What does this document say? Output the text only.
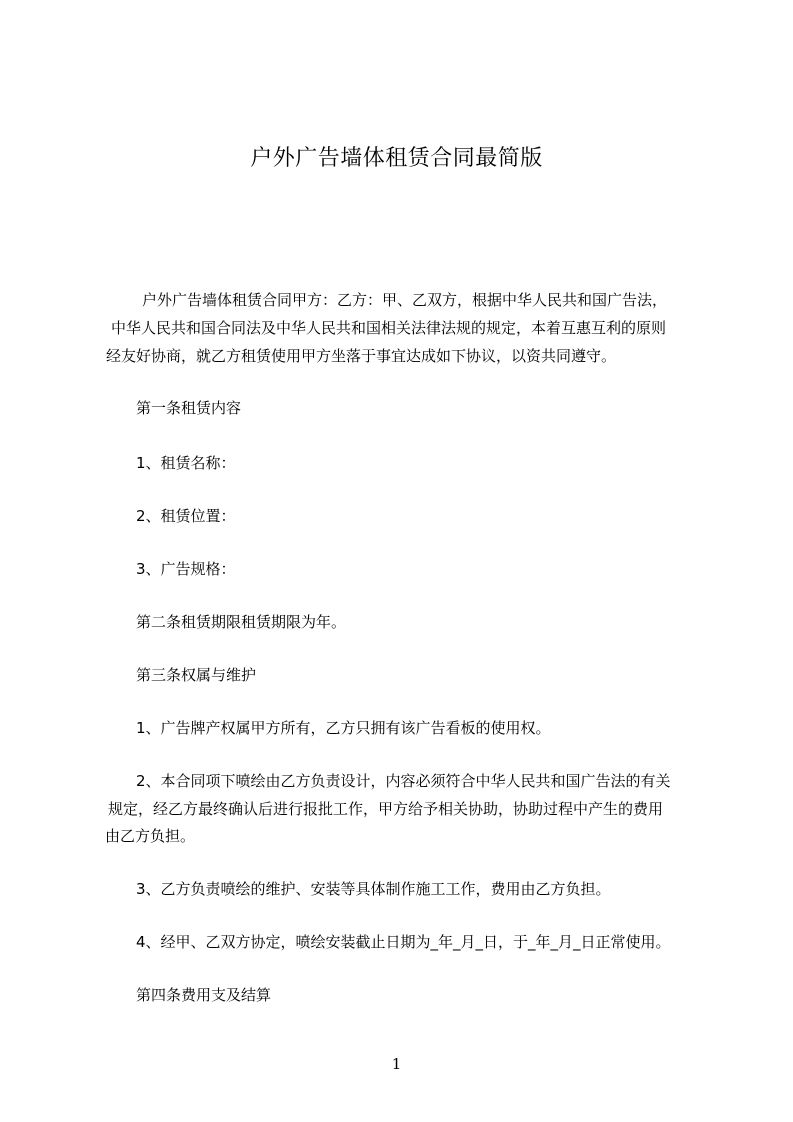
户外广告墙体租赁合同最简版

户外广告墙体租赁合同甲方：乙方：甲、乙双方，根据中华人民共和国广告法，

中华人民共和国合同法及中华人民共和国相关法律法规的规定，本着互惠互利的原则

经友好协商，就乙方租赁使用甲方坐落于事宜达成如下协议，以资共同遵守。

第一条租赁内容

1、租赁名称：

2、租赁位置：

3、广告规格：

第二条租赁期限租赁期限为年。

第三条权属与维护

1、广告牌产权属甲方所有，乙方只拥有该广告看板的使用权。

2、本合同项下喷绘由乙方负责设计，内容必须符合中华人民共和国广告法的有关

规定，经乙方最终确认后进行报批工作，甲方给予相关协助，协助过程中产生的费用

由乙方负担。

3、乙方负责喷绘的维护、安装等具体制作施工工作，费用由乙方负担。

4、经甲、乙双方协定，喷绘安装截止日期为_年_月_日，于_年_月_日正常使用。

第四条费用支及结算

1
